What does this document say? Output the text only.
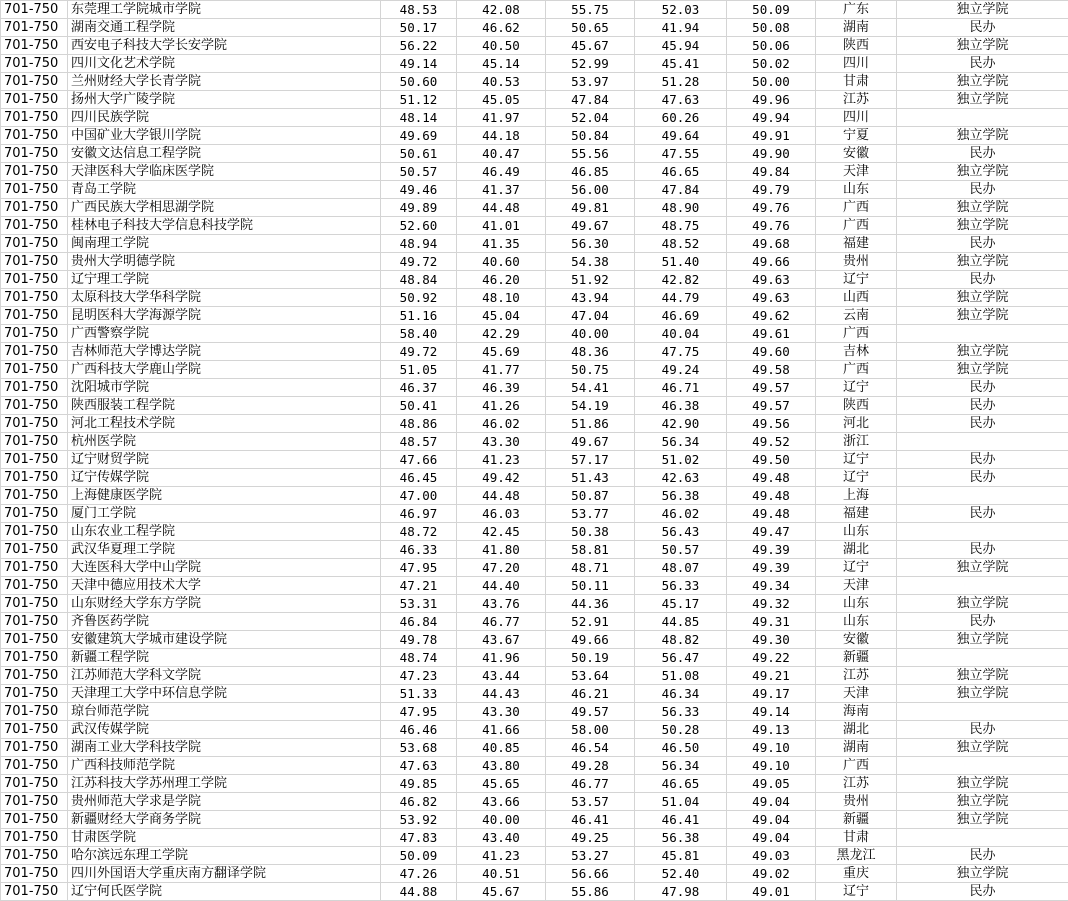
701-750	东莞理工学院城市学院	48.53	42.08	55.75	52.03	50.09	广东	独立学院
701-750	湖南交通工程学院	50.17	46.62	50.65	41.94	50.08	湖南	民办
701-750	西安电子科技大学长安学院	56.22	40.50	45.67	45.94	50.06	陕西	独立学院
701-750	四川文化艺术学院	49.14	45.14	52.99	45.41	50.02	四川	民办
701-750	兰州财经大学长青学院	50.60	40.53	53.97	51.28	50.00	甘肃	独立学院
701-750	扬州大学广陵学院	51.12	45.05	47.84	47.63	49.96	江苏	独立学院
701-750	四川民族学院	48.14	41.97	52.04	60.26	49.94	四川	
701-750	中国矿业大学银川学院	49.69	44.18	50.84	49.64	49.91	宁夏	独立学院
701-750	安徽文达信息工程学院	50.61	40.47	55.56	47.55	49.90	安徽	民办
701-750	天津医科大学临床医学院	50.57	46.49	46.85	46.65	49.84	天津	独立学院
701-750	青岛工学院	49.46	41.37	56.00	47.84	49.79	山东	民办
701-750	广西民族大学相思湖学院	49.89	44.48	49.81	48.90	49.76	广西	独立学院
701-750	桂林电子科技大学信息科技学院	52.60	41.01	49.67	48.75	49.76	广西	独立学院
701-750	闽南理工学院	48.94	41.35	56.30	48.52	49.68	福建	民办
701-750	贵州大学明德学院	49.72	40.60	54.38	51.40	49.66	贵州	独立学院
701-750	辽宁理工学院	48.84	46.20	51.92	42.82	49.63	辽宁	民办
701-750	太原科技大学华科学院	50.92	48.10	43.94	44.79	49.63	山西	独立学院
701-750	昆明医科大学海源学院	51.16	45.04	47.04	46.69	49.62	云南	独立学院
701-750	广西警察学院	58.40	42.29	40.00	40.04	49.61	广西	
701-750	吉林师范大学博达学院	49.72	45.69	48.36	47.75	49.60	吉林	独立学院
701-750	广西科技大学鹿山学院	51.05	41.77	50.75	49.24	49.58	广西	独立学院
701-750	沈阳城市学院	46.37	46.39	54.41	46.71	49.57	辽宁	民办
701-750	陕西服装工程学院	50.41	41.26	54.19	46.38	49.57	陕西	民办
701-750	河北工程技术学院	48.86	46.02	51.86	42.90	49.56	河北	民办
701-750	杭州医学院	48.57	43.30	49.67	56.34	49.52	浙江	
701-750	辽宁财贸学院	47.66	41.23	57.17	51.02	49.50	辽宁	民办
701-750	辽宁传媒学院	46.45	49.42	51.43	42.63	49.48	辽宁	民办
701-750	上海健康医学院	47.00	44.48	50.87	56.38	49.48	上海	
701-750	厦门工学院	46.97	46.03	53.77	46.02	49.48	福建	民办
701-750	山东农业工程学院	48.72	42.45	50.38	56.43	49.47	山东	
701-750	武汉华夏理工学院	46.33	41.80	58.81	50.57	49.39	湖北	民办
701-750	大连医科大学中山学院	47.95	47.20	48.71	48.07	49.39	辽宁	独立学院
701-750	天津中德应用技术大学	47.21	44.40	50.11	56.33	49.34	天津	
701-750	山东财经大学东方学院	53.31	43.76	44.36	45.17	49.32	山东	独立学院
701-750	齐鲁医药学院	46.84	46.77	52.91	44.85	49.31	山东	民办
701-750	安徽建筑大学城市建设学院	49.78	43.67	49.66	48.82	49.30	安徽	独立学院
701-750	新疆工程学院	48.74	41.96	50.19	56.47	49.22	新疆	
701-750	江苏师范大学科文学院	47.23	43.44	53.64	51.08	49.21	江苏	独立学院
701-750	天津理工大学中环信息学院	51.33	44.43	46.21	46.34	49.17	天津	独立学院
701-750	琼台师范学院	47.95	43.30	49.57	56.33	49.14	海南	
701-750	武汉传媒学院	46.46	41.66	58.00	50.28	49.13	湖北	民办
701-750	湖南工业大学科技学院	53.68	40.85	46.54	46.50	49.10	湖南	独立学院
701-750	广西科技师范学院	47.63	43.80	49.28	56.34	49.10	广西	
701-750	江苏科技大学苏州理工学院	49.85	45.65	46.77	46.65	49.05	江苏	独立学院
701-750	贵州师范大学求是学院	46.82	43.66	53.57	51.04	49.04	贵州	独立学院
701-750	新疆财经大学商务学院	53.92	40.00	46.41	46.41	49.04	新疆	独立学院
701-750	甘肃医学院	47.83	43.40	49.25	56.38	49.04	甘肃	
701-750	哈尔滨远东理工学院	50.09	41.23	53.27	45.81	49.03	黑龙江	民办
701-750	四川外国语大学重庆南方翻译学院	47.26	40.51	56.66	52.40	49.02	重庆	独立学院
701-750	辽宁何氏医学院	44.88	45.67	55.86	47.98	49.01	辽宁	民办
